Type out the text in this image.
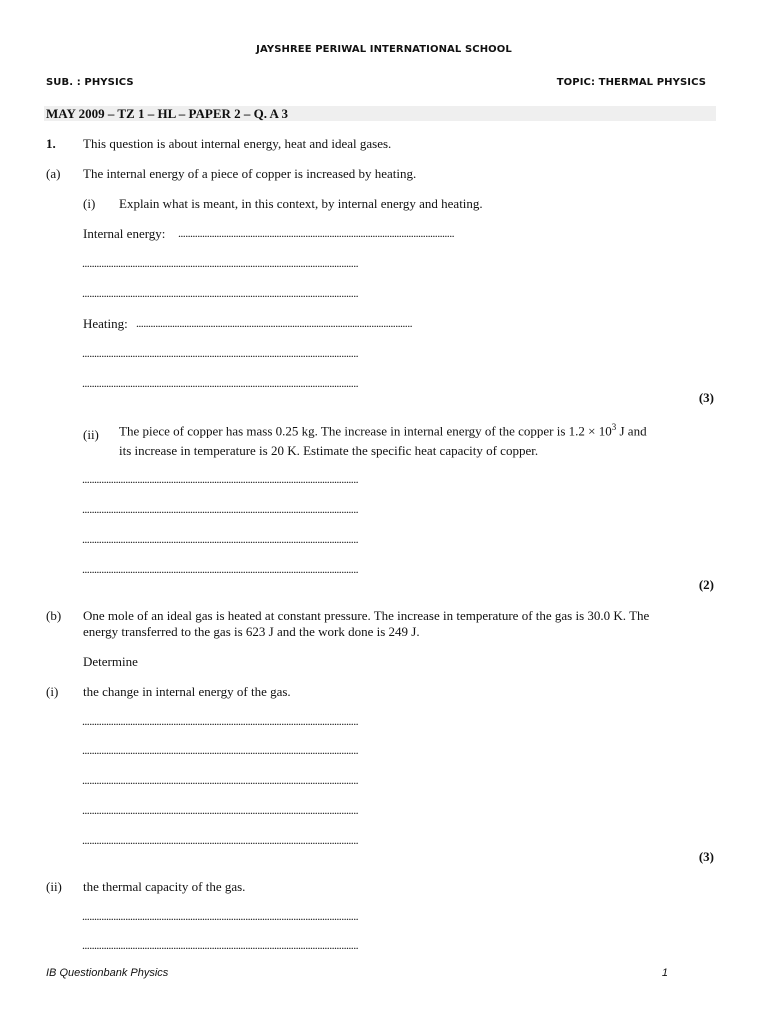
JAYSHREE PERIWAL INTERNATIONAL SCHOOL
SUB. : PHYSICS	TOPIC: THERMAL PHYSICS
MAY 2009 – TZ 1 – HL – PAPER 2 – Q. A 3
1. This question is about internal energy, heat and ideal gases.
(a) The internal energy of a piece of copper is increased by heating.
(i) Explain what is meant, in this context, by internal energy and heating.
Internal energy: ...................................................................................................................
...................................................................................................................
...................................................................................................................
Heating: ...................................................................................................................
...................................................................................................................
...................................................................................................................
(3)
(ii) The piece of copper has mass 0.25 kg. The increase in internal energy of the copper is $1.2 \times 10^3$ J and
its increase in temperature is 20 K. Estimate the specific heat capacity of copper.
...................................................................................................................
...................................................................................................................
...................................................................................................................
...................................................................................................................
(2)
(b) One mole of an ideal gas is heated at constant pressure. The increase in temperature of the gas is 30.0 K. The
energy transferred to the gas is 623 J and the work done is 249 J.
Determine
(i) the change in internal energy of the gas.
...................................................................................................................
...................................................................................................................
...................................................................................................................
...................................................................................................................
...................................................................................................................
(3)
(ii) the thermal capacity of the gas.
...................................................................................................................
...................................................................................................................
IB Questionbank Physics	1
